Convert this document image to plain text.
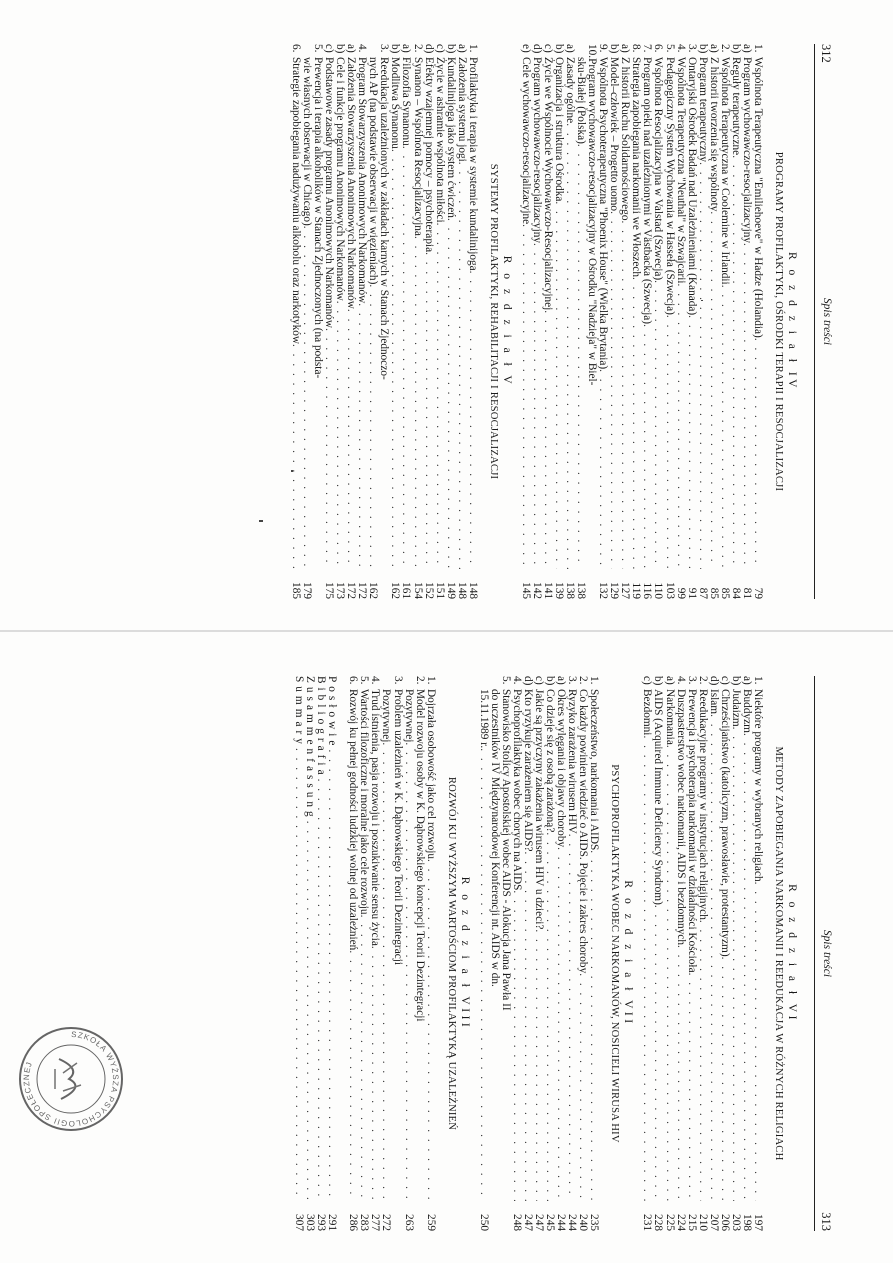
312
Spis treści
R o z d z i a ł IV
PROGRAMY PROFILAKTYKI, OŚRODKI TERAPII I RESOCJALIZACJI
1.
Wspólnota Terapeutyczna "Emiliehoeve" w Hadze (Holandia)
. . .
79
a)
Program wychowawczo-resocjalizacyjny
. . .
81
b)
Reguły terapeutyczne
. . .
84
2.
Wspólnota Terapeutyczna w Coolemine w Irlandii
. . .
85
a)
Z historii tworzenia się wspólnoty
. . .
85
b)
Program terapeutyczny
. . .
87
3.
Ontaryjski Ośrodek Badań nad Uzależnieniami (Kanada)
. . .
91
4.
Wspólnota Terapeutyczna "Neuthal" w Szwajcarii
. . .
99
5.
Pedagogiczny System Wychowania w Hasseła (Szwecja)
. . .
103
6.
Wspólnota Resocjalizacyjna w Valstad (Szwecja)
. . .
110
7.
Program opieki nad uzależnionymi w Västbacka (Szwecja)
. . .
116
8.
Strategia zapobiegania narkomanii we Włoszech
. . .
119
a)
Z historii Ruchu Solidarnościowego
. . .
127
b)
Model–człowiek – Progetto uomo
. . .
129
9.
Wspólnota Psychoterapeutyczna "Phoenix House" (Wielka Brytania)
. . .
132
10.
Program wychowawczo-resocjalizacyjny w Ośrodku "Nadzieja" w Biel-
sku-Białej (Polska)
. . .
138
a)
Zasady ogólne
. . .
138
b)
Organizacja i struktura Ośrodka
. . .
139
c)
Życie we Wspólnocie Wychowawczo-Resocjalizacyjnej
. . .
141
d)
Program wychowawczo-resocjalizacyjny
. . .
142
e)
Cele wychowawczo-resocjalizacyjne
. . .
145
R o z d z i a ł V
SYSTEMY PROFILAKTYKI, REHABILITACJI I RESOCJALIZACJI
1.
Profilaktyka i terapia w systemie kundalinijoga
. . .
148
a)
Założenia systemu jogi
. . .
148
b)
Kundalinijoga jako system ćwiczeń
. . .
149
c)
Życie w ashramie wspólnota miłości
. . .
151
d)
Efekty wzajemnej pomocy – psychoterapia
. . .
152
2.
Synanon – Wspólnota Resocjalizacyjna
. . .
154
a)
Filozofia Synanonu
. . .
161
b)
Modlitwa Synanonu
. . .
162
3.
Reedukacja uzależnionych w zakładach karnych w Stanach Zjednoczo-
nych AP (na podstawie obserwacji w więzieniach)
. . .
162
4.
Program Stowarzyszenia Anonimowych Narkomanów
. . .
172
a)
Założenia Stowarzyszenia Anonimowych Narkomanów
. . .
172
b)
Cele i funkcje programu Anonimowych Narkomanów
. . .
173
c)
Podstawowe zasady programu Anonimowych Narkomanów
. . .
175
5.
Prewencja i terapia alkoholików w Stanach Zjednoczonych (na podsta-
wie własnych obserwacji w Chicago)
. . .
179
6.
Strategie zapobiegania nadużywaniu alkoholu oraz narkotyków
. . .
185
Spis treści
313
R o z d z i a ł VI
METODY ZAPOBIEGANIA NARKOMANII I REEDUKACJA W RÓŻNYCH RELIGIACH
1.
Niektóre programy w wybranych religiach
. . .
197
a)
Buddyzm
. . .
198
b)
Judaizm
. . .
203
c)
Chrześcijaństwo (katolicyzm, prawosławie, protestantyzm)
. . .
206
d)
Islam
. . .
207
2.
Reedukacyjne programy w instytucjach religijnych
. . .
210
3.
Prewencja i psychoterapia narkomanii w działalności Kościoła
. . .
215
4.
Duszpasterstwo wobec narkomanii, AIDS i bezdomnych
. . .
224
a)
Narkomania
. . .
225
b)
AIDS (Acquired Immune Deficiency Syndrom)
. . .
228
c)
Bezdomni
. . .
231
R o z d z i a ł VII
PSYCHOPROFILAKTYKA WOBEC NARKOMANÓW, NOSICIELI WIRUSA HIV
1.
Społeczeństwo, narkomania i AIDS
. . .
235
2.
Co każdy powinien wiedzieć o AIDS. Pojęcie i zakres choroby
. . .
240
3.
Ryzyko zarażenia wirusem HIV
. . .
244
a)
Okres wylęgania i objawy choroby
. . .
244
b)
Co dzieje się z osobą zarażoną?
. . .
245
c)
Jakie są przyczyny zakażenia wirusem HIV u dzieci?
. . .
247
d)
Kto ryzykuje zarażeniem się AIDS?
. . .
247
4.
Psychoprofilaktyka wobec chorych na AIDS
. . .
248
5.
Stanowisko Stolicy Apostolskiej wobec AIDS - Alokucja Jana Pawła II
do uczestników IV Międzynarodowej Konferencji nt. AIDS w dn.
15.11.1989 r.
. . .
250
R o z d z i a ł VIII
ROZWÓJ KU WYŻSZYM WARTOŚCIOM PROFILAKTYKĄ UZALEŻNIEŃ
1.
Dojrzała osobowość jako cel rozwoju
. . .
259
2.
Model rozwoju osoby w K. Dąbrowskiego koncepcji Teorii Dezintegracji
Pozytywnej
. . .
263
3.
Problem uzależnień w K. Dąbrowskiego Teorii Dezintegracji
Pozytywnej
. . .
272
4.
Trud istnienia, pasja rozwoju i poszukiwanie sensu życia
. . .
277
5.
Wartości filozoficzne i moralne jako cele rozwoju
. . .
283
6.
Rozwój ku pełnej godności ludzkiej wolnej od uzależnień
. . .
286
Posłowie
. . .
291
Bibliografia
. . .
293
Zusammenfassung
. . .
303
Summary
. . .
307
SZKOŁA WYŻSZA PSYCHOLOGII SPOŁECZNEJ
